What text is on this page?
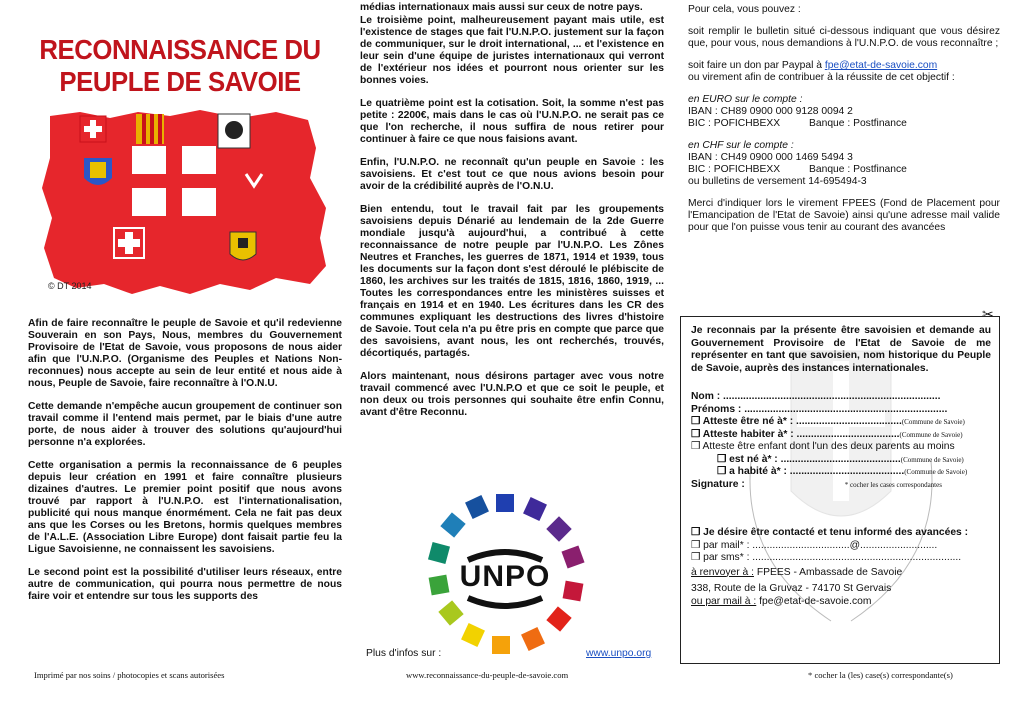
RECONNAISSANCE DU
PEUPLE DE SAVOIE
© DT 2014

Afin de faire reconnaître le peuple de Savoie et qu'il redevienne Souverain en son Pays, Nous, membres du Gouvernement Provisoire de l'Etat de Savoie, vous proposons de nous aider afin que l'U.N.P.O. (Organisme des Peuples et Nations Non-reconnues) nous accepte au sein de leur entité et nous aide à nous, Peuple de Savoie, faire reconnaître à l'O.N.U.

Cette demande n'empêche aucun groupement de continuer son travail comme il l'entend mais permet, par le biais d'une autre porte, de nous aider à trouver des solutions qu'aujourd'hui personne n'a explorées.

Cette organisation a permis la reconnaissance de 6 peuples depuis leur création en 1991 et faire connaître plusieurs dizaines d'autres. Le premier point positif que nous avons trouvé par rapport à l'U.N.P.O. est l'internationalisation, publicité qui nous manque énormément. Cela ne fait pas deux ans que les Corses ou les Bretons, hormis quelques membres de l'A.L.E. (Association Libre Europe) dont faisait partie feu la Ligue Savoisienne, ne connaissent les savoisiens.

Le second point est la possibilité d'utiliser leurs réseaux, entre autre de communication, qui pourra nous permettre de nous faire voir et entendre sur tous les supports des

médias internationaux mais aussi sur ceux de notre pays.

Le troisième point, malheureusement payant mais utile, est l'existence de stages que fait l'U.N.P.O. justement sur la façon de communiquer, sur le droit international, ... et l'existence en leur sein d'une équipe de juristes internationaux qui verront de l'extérieur nos idées et pourront nous orienter sur les bonnes voies.

Le quatrième point est la cotisation. Soit, la somme n'est pas petite : 2200€, mais dans le cas où l'U.N.P.O. ne serait pas ce que l'on recherche, il nous suffira de nous retirer pour continuer à faire ce que nous faisions avant.

Enfin, l'U.N.P.O. ne reconnaît qu'un peuple en Savoie : les savoisiens. Et c'est tout ce que nous avions besoin pour avoir de la crédibilité auprès de l'O.N.U.

Bien entendu, tout le travail fait par les groupements savoisiens depuis Dénarié au lendemain de la 2de Guerre mondiale jusqu'à aujourd'hui, a contribué à cette reconnaissance de notre peuple par l'U.N.P.O. Les Zônes Neutres et Franches, les guerres de 1871, 1914 et 1939, tous les documents sur la façon dont s'est déroulé le plébiscite de 1860, les archives sur les traités de 1815, 1816, 1860, 1919, ... Toutes les correspondances entre les ministères suisses et français en 1914 et en 1940. Les écritures dans les CR des communes expliquant les destructions des livres d'histoire de Savoie. Tout cela n'a pu être pris en compte que parce que des savoisiens, avant nous, les ont recherchés, trouvés, décortiqués, partagés.

Alors maintenant, nous désirons partager avec vous notre travail commencé avec l'U.N.P.O et que ce soit le peuple, et non deux ou trois personnes qui souhaite être enfin Connu, avant d'être Reconnu.

UNPO
Plus d'infos sur :	www.unpo.org

Pour cela, vous pouvez :

soit remplir le bulletin situé ci-dessous indiquant que vous désirez que, pour vous, nous demandions à l'U.N.P.O. de vous reconnaître ;

soit faire un don par Paypal à fpe@etat-de-savoie.com
ou virement afin de contribuer à la réussite de cet objectif :

en EURO sur le compte :
IBAN : CH89 0900 000 9128 0094 2
BIC : POFICHBEXX	Banque : Postfinance

en CHF sur le compte :
IBAN : CH49 0900 000 1469 5494 3
BIC : POFICHBEXX	Banque : Postfinance
ou bulletins de versement 14-695494-3

Merci d'indiquer lors le virement FPEES (Fond de Placement pour l'Emancipation de l'Etat de Savoie) ainsi qu'une adresse mail valide pour que l'on puisse vous tenir au courant des avancées

✂

Je reconnais par la présente être savoisien et demande au Gouvernement Provisoire de l'Etat de Savoie de me représenter en tant que savoisien, nom historique du Peuple de Savoie, auprès des instances internationales.

Nom : ............................................................................

Prénoms : .......................................................................

❒ Atteste être né à* : .....................................(Commune de Savoie)

❒ Atteste habiter à* : ....................................(Commune de Savoie)

❒ Atteste être enfant dont l'un des deux parents au moins

❒ est né à* : ..........................................(Commune de Savoie)

❒ a habité à* : ........................................(Commune de Savoie)

Signature :	* cocher les cases correspondantes

❒ Je désire être contacté et tenu informé des avancées :

❒ par mail* : ..................................@...........................

❒ par sms* : .........................................................................

à renvoyer à : FPEES - Ambassade de Savoie

338, Route de la Gruvaz - 74170 St Gervais

ou par mail à : fpe@etat-de-savoie.com

Imprimé par nos soins / photocopies et scans autorisées	www.reconnaissance-du-peuple-de-savoie.com	* cocher la (les) case(s) correspondante(s)
